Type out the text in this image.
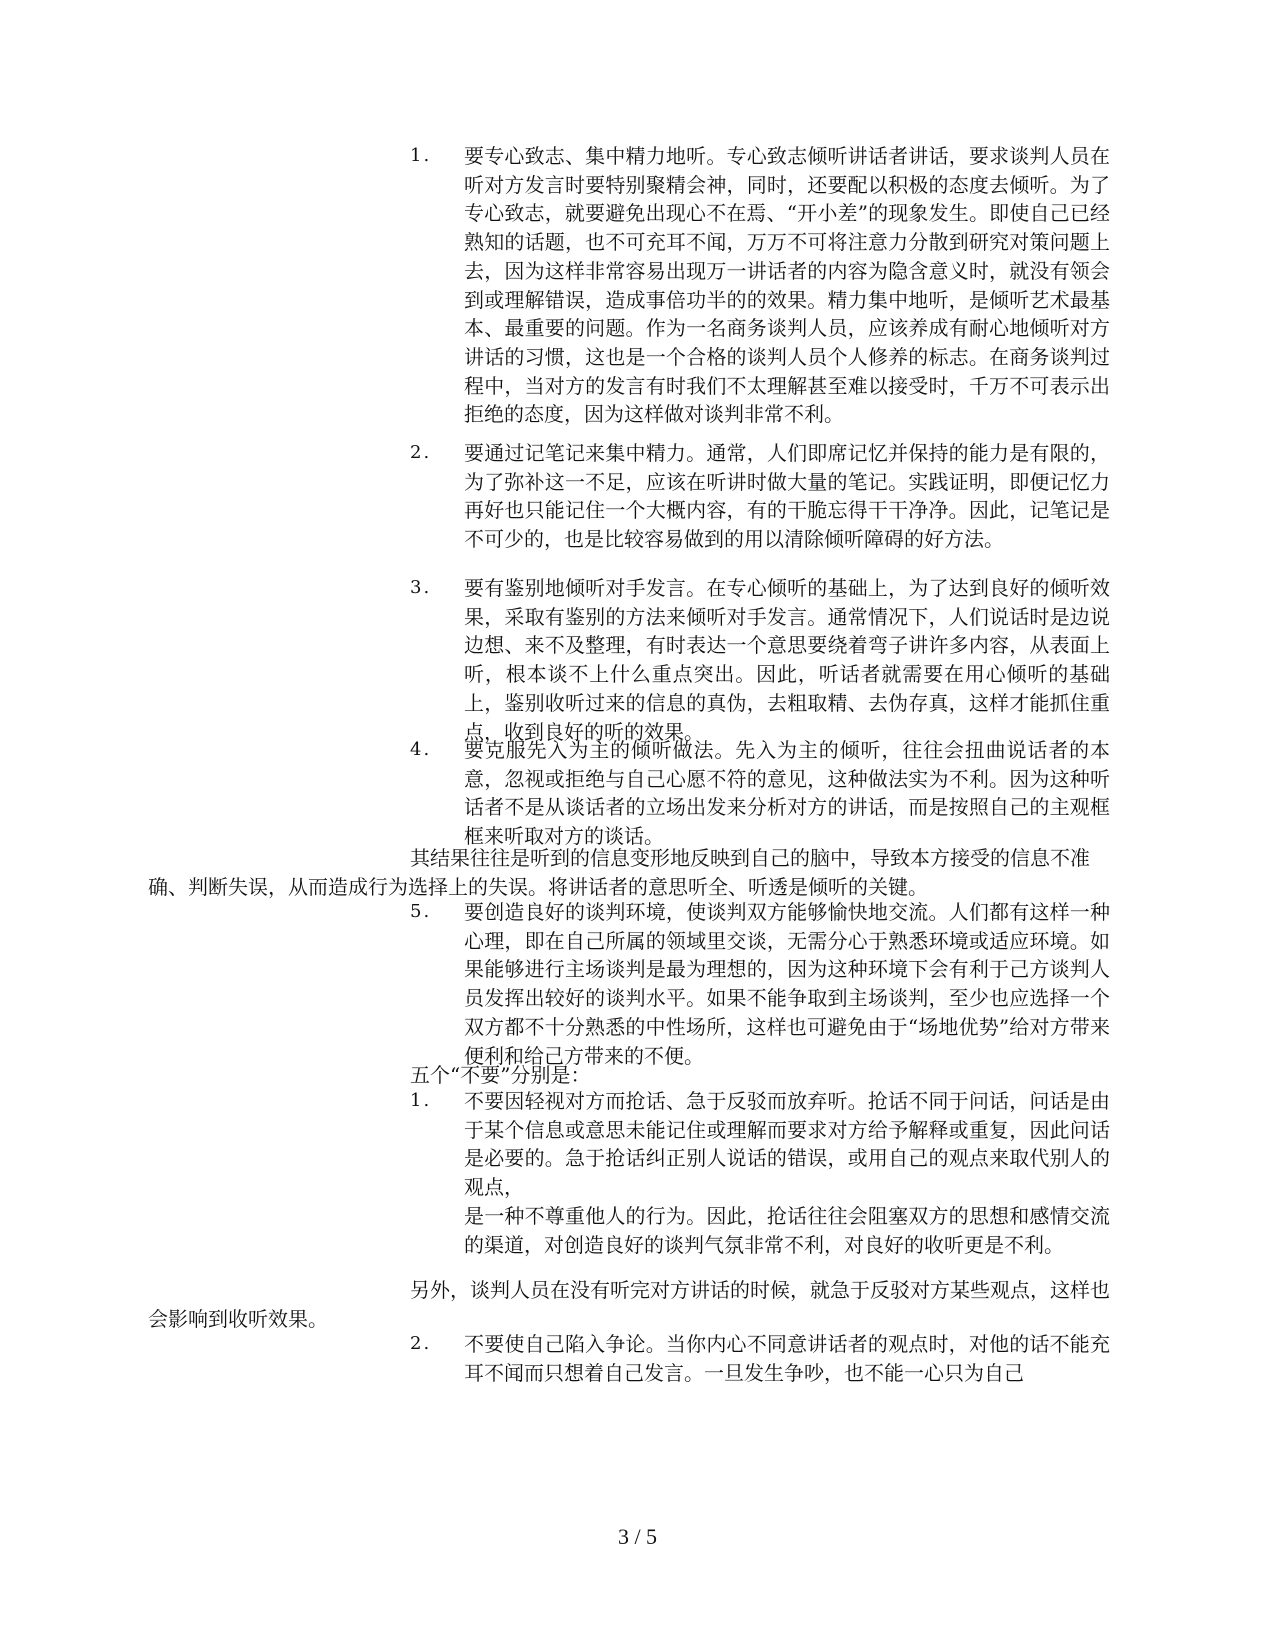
1.	要专心致志、集中精力地听。专心致志倾听讲话者讲话，要求谈判人员在听对方发言时要特别聚精会神，同时，还要配以积极的态度去倾听。为了专心致志，就要避免出现心不在焉、“开小差”的现象发生。即使自己已经熟知的话题，也不可充耳不闻，万万不可将注意力分散到研究对策问题上去，因为这样非常容易出现万一讲话者的内容为隐含意义时，就没有领会到或理解错误，造成事倍功半的的效果。精力集中地听，是倾听艺术最基本、最重要的问题。作为一名商务谈判人员，应该养成有耐心地倾听对方讲话的习惯，这也是一个合格的谈判人员个人修养的标志。在商务谈判过程中，当对方的发言有时我们不太理解甚至难以接受时，千万不可表示出拒绝的态度，因为这样做对谈判非常不利。
2.	要通过记笔记来集中精力。通常，人们即席记忆并保持的能力是有限的，为了弥补这一不足，应该在听讲时做大量的笔记。实践证明，即便记忆力再好也只能记住一个大概内容，有的干脆忘得干干净净。因此，记笔记是不可少的，也是比较容易做到的用以清除倾听障碍的好方法。
3.	要有鉴别地倾听对手发言。在专心倾听的基础上，为了达到良好的倾听效果，采取有鉴别的方法来倾听对手发言。通常情况下，人们说话时是边说边想、来不及整理，有时表达一个意思要绕着弯子讲许多内容，从表面上听，根本谈不上什么重点突出。因此，听话者就需要在用心倾听的基础上，鉴别收听过来的信息的真伪，去粗取精、去伪存真，这样才能抓住重点，收到良好的听的效果。
4.	要克服先入为主的倾听做法。先入为主的倾听，往往会扭曲说话者的本意，忽视或拒绝与自己心愿不符的意见，这种做法实为不利。因为这种听话者不是从谈话者的立场出发来分析对方的讲话，而是按照自己的主观框框来听取对方的谈话。
其结果往往是听到的信息变形地反映到自己的脑中，导致本方接受的信息不准确、判断失误，从而造成行为选择上的失误。将讲话者的意思听全、听透是倾听的关键。
5.	要创造良好的谈判环境，使谈判双方能够愉快地交流。人们都有这样一种心理，即在自己所属的领域里交谈，无需分心于熟悉环境或适应环境。如果能够进行主场谈判是最为理想的，因为这种环境下会有利于己方谈判人员发挥出较好的谈判水平。如果不能争取到主场谈判，至少也应选择一个双方都不十分熟悉的中性场所，这样也可避免由于“场地优势”给对方带来便利和给己方带来的不便。
五个“不要”分别是：
1.	不要因轻视对方而抢话、急于反驳而放弃听。抢话不同于问话，问话是由于某个信息或意思未能记住或理解而要求对方给予解释或重复，因此问话是必要的。急于抢话纠正别人说话的错误，或用自己的观点来取代别人的观点，
是一种不尊重他人的行为。因此，抢话往往会阻塞双方的思想和感情交流的渠道，对创造良好的谈判气氛非常不利，对良好的收听更是不利。
另外，谈判人员在没有听完对方讲话的时候，就急于反驳对方某些观点，这样也会影响到收听效果。
2.	不要使自己陷入争论。当你内心不同意讲话者的观点时，对他的话不能充耳不闻而只想着自己发言。一旦发生争吵，也不能一心只为自己
3 / 5
